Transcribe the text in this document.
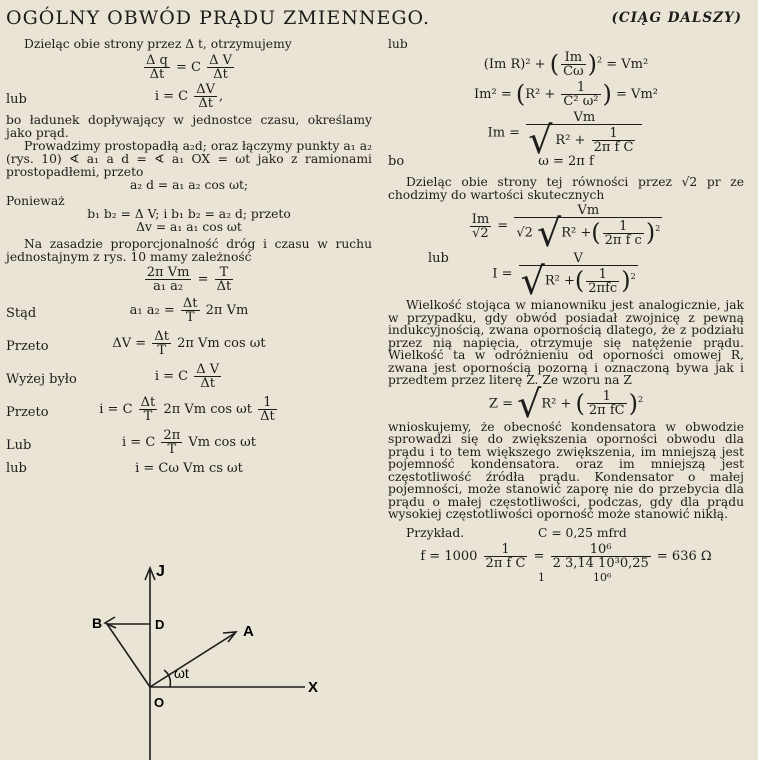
OGÓLNY OBWÓD PRĄDU ZMIENNEGO.	(CIĄG DALSZY)

Dzieląc obie strony przez Δ t, otrzymujemy

$\frac{\text{Δ q}}{\Delta t} = C \frac{\text{Δ V}}{\Delta t}$
lub	i = C $\frac{\Delta V}{\Delta t}$ ,

bo ładunek dopływający w jednostce czasu, określamy jako prąd.

Prowadzimy prostopadłą a₂d; oraz łączymy punkty a₁ a₂ (rys. 10) ∢ a₁ a d = ∢ a₁ OX = ωt jako z ramionami prostopadłemi, przeto

a₂ d = a₁ a₂ cos ωt;

Ponieważ

b₁ b₂ = Δ V; i b₁ b₂ = a₂ d; przeto
Δv = a₁ a₁ cos ωt

Na zasadzie proporcjonalność dróg i czasu w ruchu jednostajnym z rys. 10 mamy zależność

$\frac{\text{2π Vm}}{\text{a₁ a₂}} = \frac{T}{\Delta t}$
Stąd	a₁ $a_2 = \frac{\Delta t}{T} 2\pi$ Vm
Przeto	$\Delta V = \frac{\Delta t}{T} 2\pi$ Vm cos ωt
Wyżej było	i = C $\frac{\text{Δ V}}{\Delta t}$
Przeto	i = C $\frac{\Delta t}{T} 2\pi$ Vm cos ωt $\frac{1}{\Delta t}$
Lub	i = C $\frac{2\pi}{T}$ Vm cos ωt
lub	i = Cω Vm cs ωt
J
B	D	A
X
O
ωt

lub

(Im R)² + ( $\frac{Im}{C\omega} )^2 = Vm^2$
$Im^2 = (R^2 + \frac{1}{\text{C² ω²}}$ ) = Vm²
$Im = \frac{Vm}{√ R^2 + \frac{1}{\text{2π f C}}}$
bo	ω = 2π f

Dzieląc obie strony tej równości przez √2 pr ze chodzimy do wartości skutecznych

$\frac{Im}{√2} = \frac{Vm}{√2 √R^2 +( \frac{1}{\text{2π f c}} )^2}$
lub
$I = \frac{V}{√R^2 +( \frac{1}{\text{2πfc}} )^2}$

Wielkość stojąca w mianowniku jest analogicznie, jak w przypadku, gdy obwód posiadał zwojnicę z pewną indukcyjnością, zwana opornością dlatego, że z podziału przez nią napięcia, otrzymuje się natężenie prądu. Wielkość ta w odróżnieniu od oporności omowej R, zwana jest opornością pozorną i oznaczoną bywa jak i przedtem przez literę Z. Ze wzoru na Z

Z = √R² + ( $\frac{1}{\text{2π fC}} )^2$

wnioskujemy, że obecność kondensatora w obwodzie sprowadzi się do zwiększenia oporności obwodu dla prądu i to tem większego zwiększenia, im mniejszą jest pojemność kondensatora. oraz im mniejszą jest częstotliwość źródła prądu. Kondensator o małej pojemności, może stanowić zaporę nie do przebycia dla prądu o małej częstotliwości, podczas, gdy dla prądu wysokiej częstotliwości oporność może stanowić nikłą.

Przykład.	C = 0,25 mfrd
$f = 1000 \frac{1}{\text{2π f C}} = \frac{\text{10⁶}}{\text{2 3,14 10³0,25}} = 636$ Ω
1	10⁶
